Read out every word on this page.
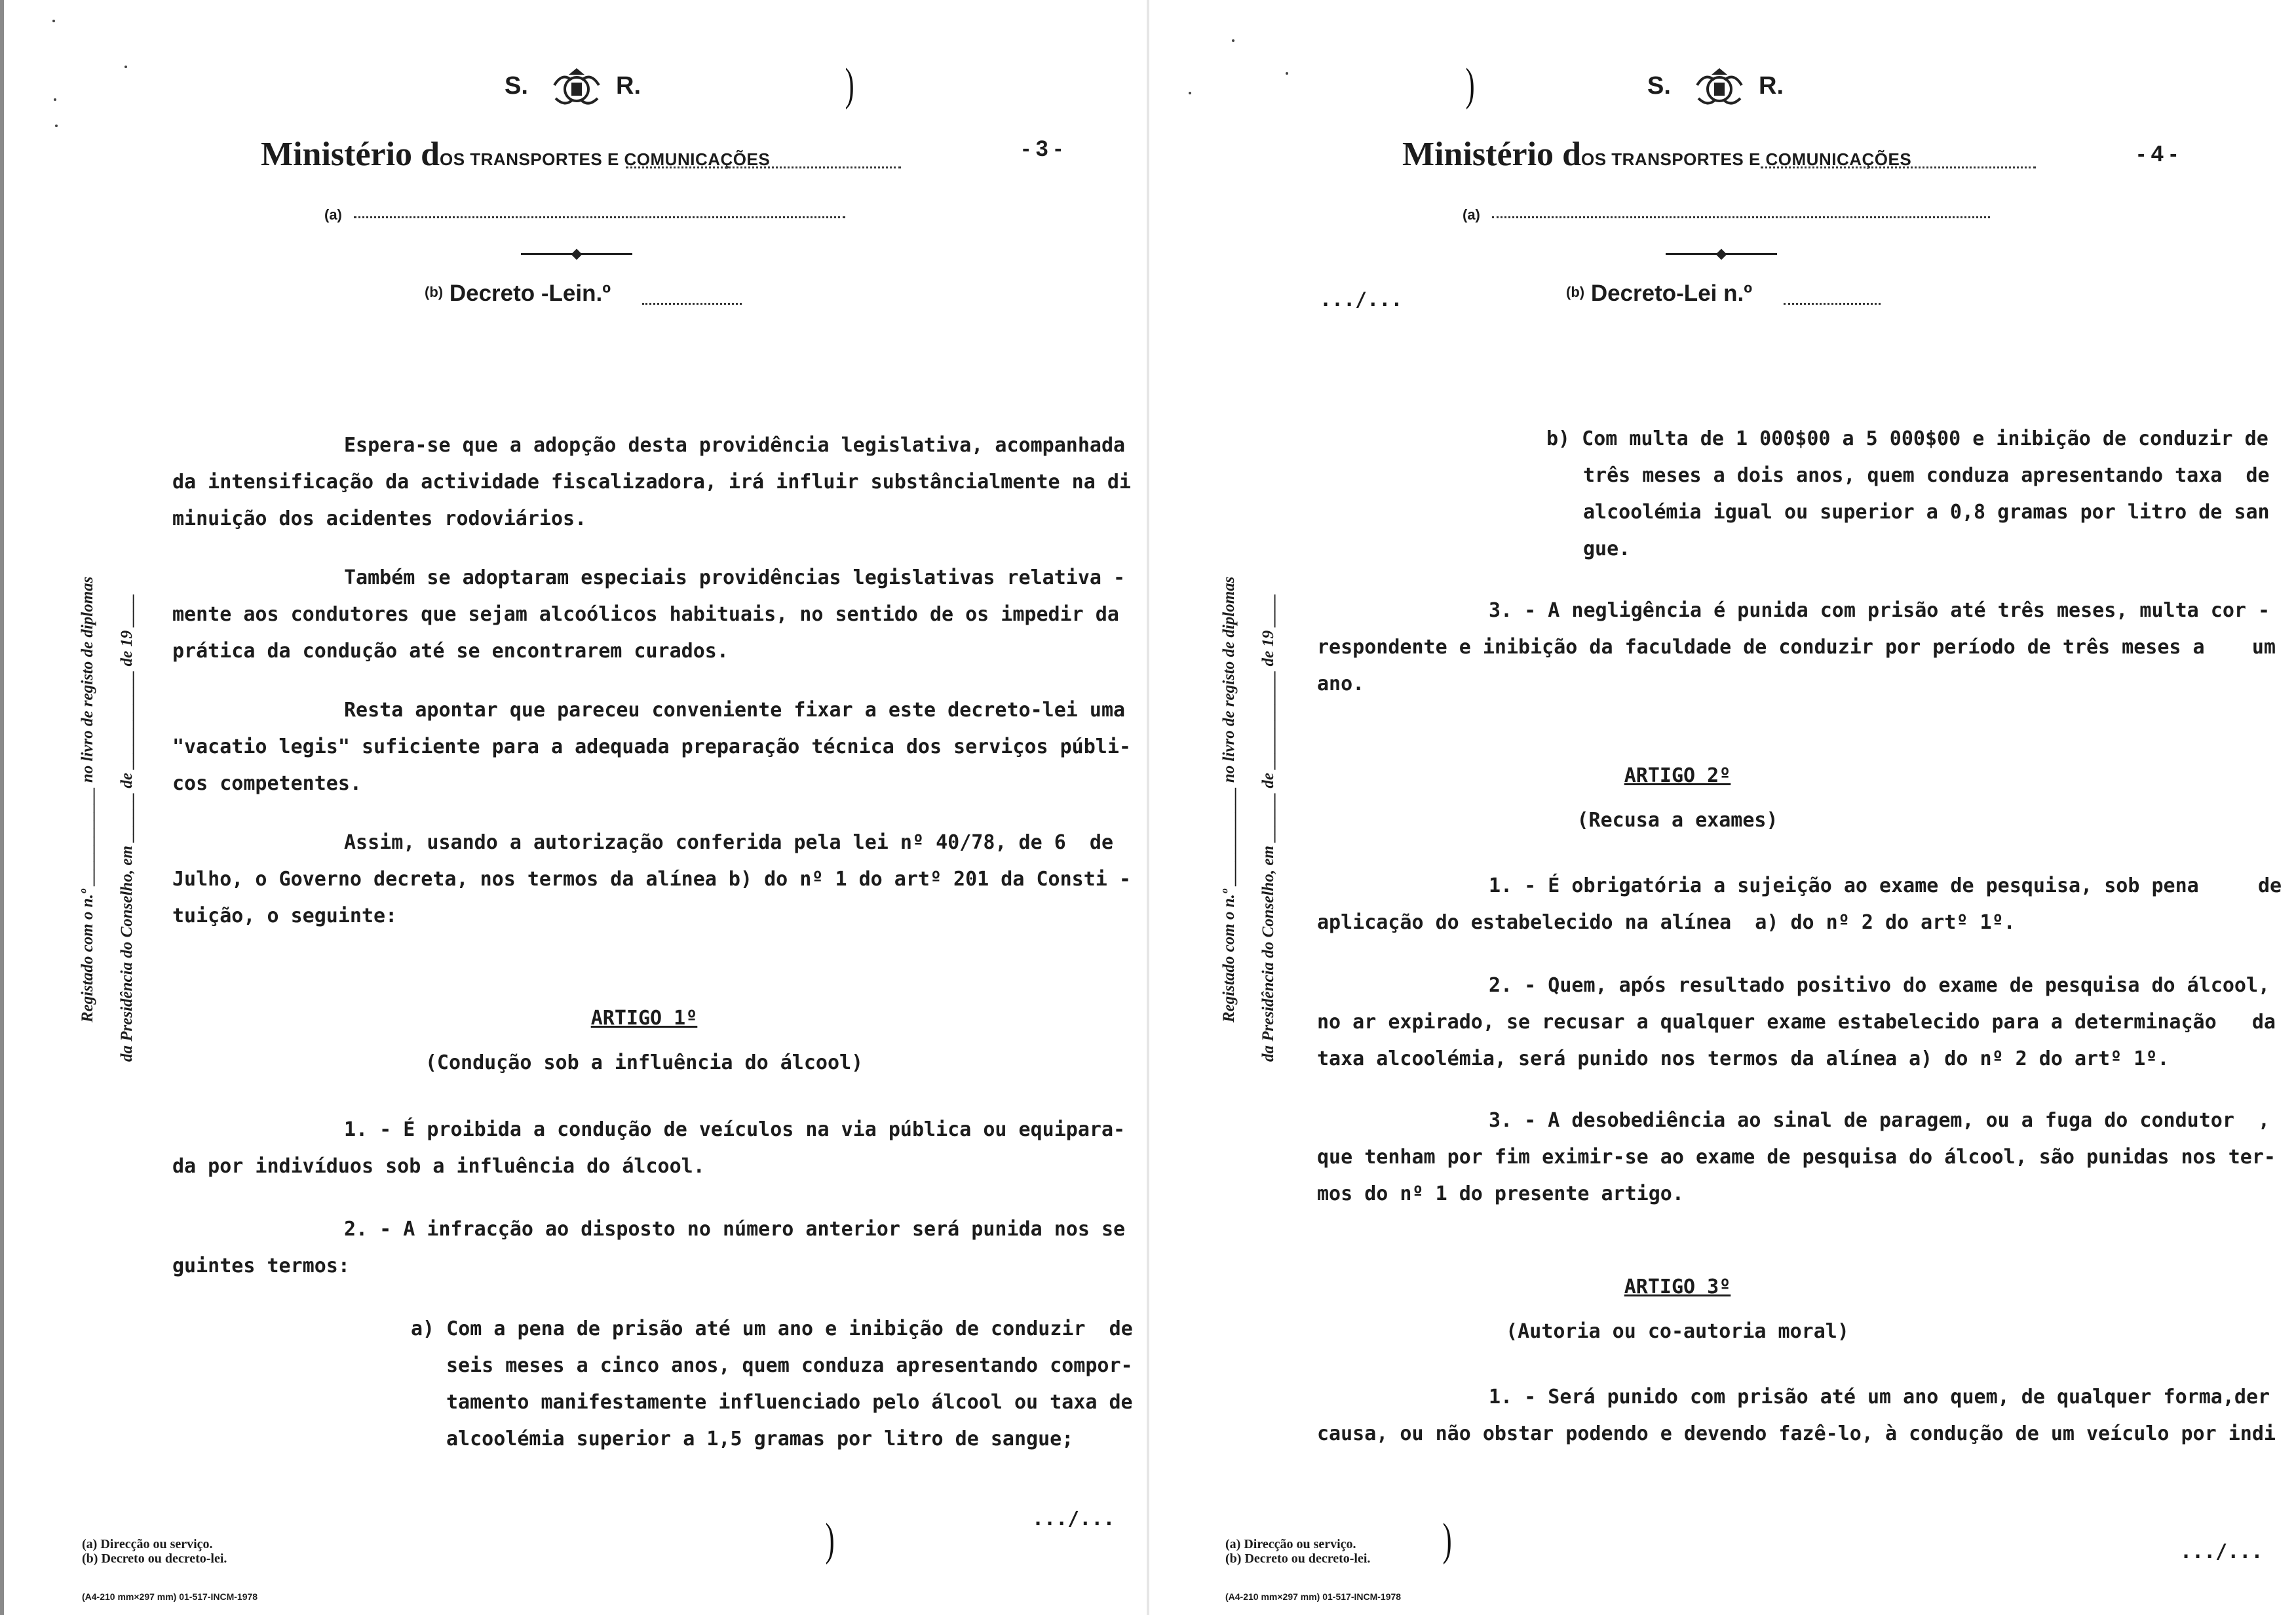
S.	R.	)
Ministério dOS TRANSPORTES E COMUNICAÇÕES	- 3 -
(a)
(b) Decreto -Lein.º
Registado com o n.º ____________ no livro de registo de diplomas da Presidência do Conselho, em ______ de ____________ de 19 ____
Espera-se que a adopção desta providência legislativa, acompanhada
da intensificação da actividade fiscalizadora, irá influir substâncialmente na di
minuição dos acidentes rodoviários.
Também se adoptaram especiais providências legislativas relativa -
mente aos condutores que sejam alcoólicos habituais, no sentido de os impedir da
prática da condução até se encontrarem curados.
Resta apontar que pareceu conveniente fixar a este decreto-lei uma
"vacatio legis" suficiente para a adequada preparação técnica dos serviços públi-
cos competentes.
Assim, usando a autorização conferida pela lei nº 40/78, de 6  de
Julho, o Governo decreta, nos termos da alínea b) do nº 1 do artº 201 da Consti -
tuição, o seguinte:
ARTIGO 1º
(Condução sob a influência do álcool)
1. - É proibida a condução de veículos na via pública ou equipara-
da por indivíduos sob a influência do álcool.
2. - A infracção ao disposto no número anterior será punida nos se
guintes termos:
a) Com a pena de prisão até um ano e inibição de conduzir  de
seis meses a cinco anos, quem conduza apresentando compor-
tamento manifestamente influenciado pelo álcool ou taxa de
alcoolémia superior a 1,5 gramas por litro de sangue;
.../...
)
(a) Direcção ou serviço.
(b) Decreto ou decreto-lei.
(A4-210 mm×297 mm) 01-517-INCM-1978
)	S.	R.
Ministério dOS TRANSPORTES E COMUNICAÇÕES	- 4 -
(a)
.../...	(b) Decreto-Lei n.º
Registado com o n.º ____________ no livro de registo de diplomas da Presidência do Conselho, em ______ de ____________ de 19 ____
b) Com multa de 1 000$00 a 5 000$00 e inibição de conduzir de
três meses a dois anos, quem conduza apresentando taxa  de
alcoolémia igual ou superior a 0,8 gramas por litro de san
gue.
3. - A negligência é punida com prisão até três meses, multa cor -
respondente e inibição da faculdade de conduzir por período de três meses a    um
ano.
ARTIGO 2º
(Recusa a exames)
1. - É obrigatória a sujeição ao exame de pesquisa, sob pena     de
aplicação do estabelecido na alínea  a) do nº 2 do artº 1º.
2. - Quem, após resultado positivo do exame de pesquisa do álcool,
no ar expirado, se recusar a qualquer exame estabelecido para a determinação   da
taxa alcoolémia, será punido nos termos da alínea a) do nº 2 do artº 1º.
3. - A desobediência ao sinal de paragem, ou a fuga do condutor  ,
que tenham por fim eximir-se ao exame de pesquisa do álcool, são punidas nos ter-
mos do nº 1 do presente artigo.
ARTIGO 3º
(Autoria ou co-autoria moral)
1. - Será punido com prisão até um ano quem, de qualquer forma,der
causa, ou não obstar podendo e devendo fazê-lo, à condução de um veículo por indi
.../...
)
(a) Direcção ou serviço.
(b) Decreto ou decreto-lei.
(A4-210 mm×297 mm) 01-517-INCM-1978
